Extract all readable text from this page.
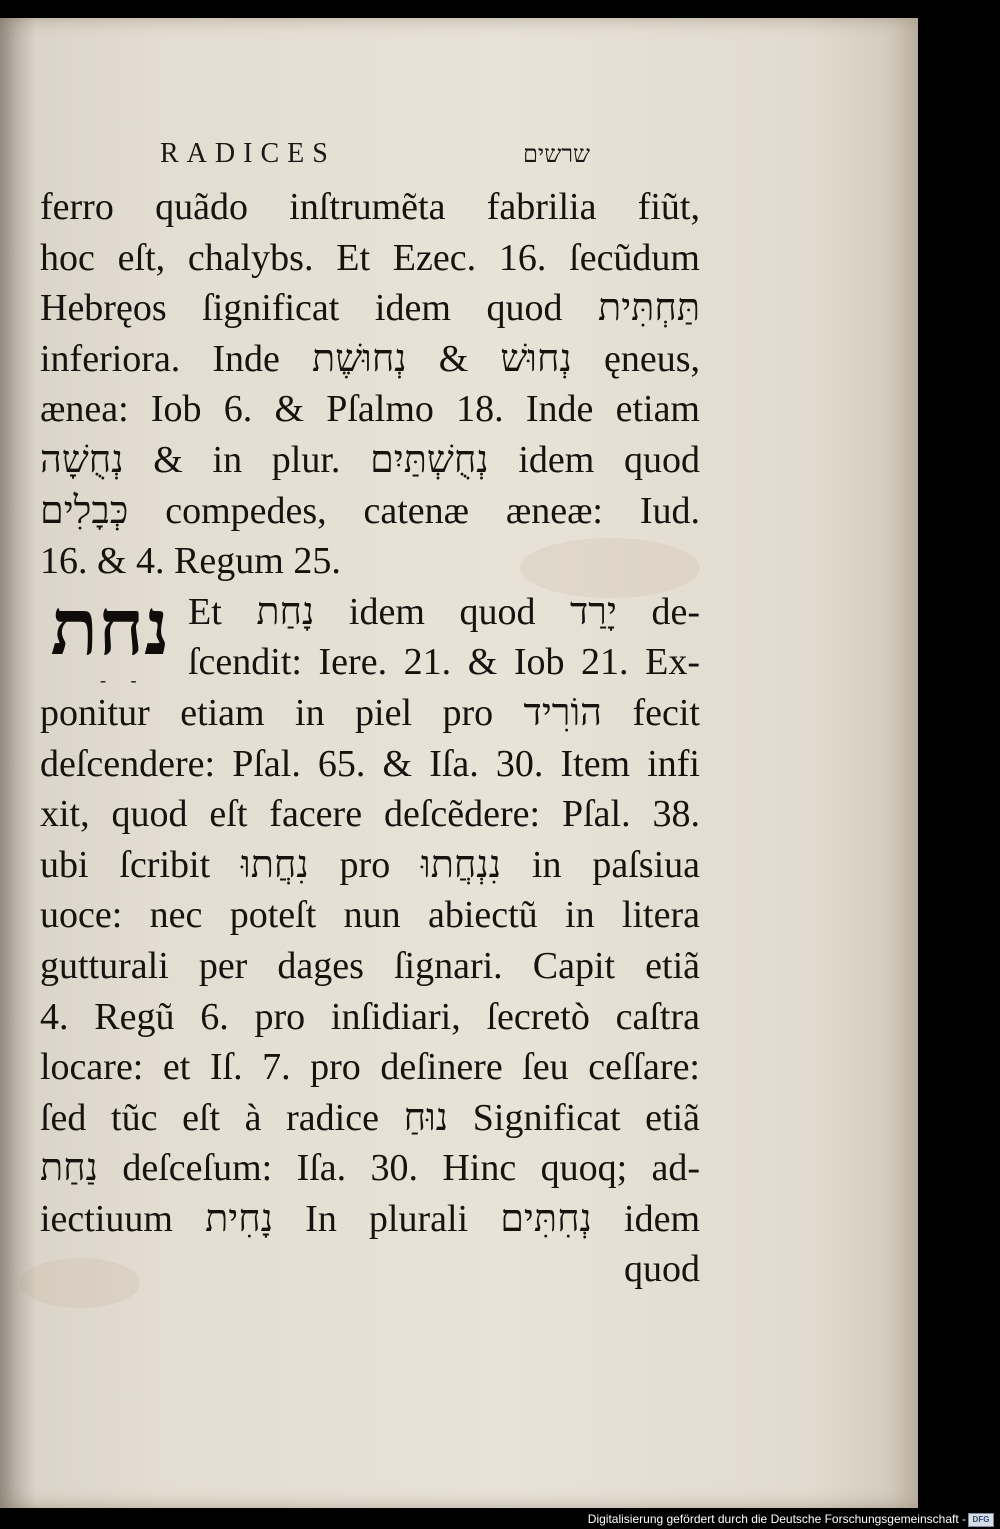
RADICES	שרשים
ferro quãdo inſtrumẽta fabrilia fiũt,
hoc eſt, chalybs. Et Ezec. 16. ſecũdum
Hebręos ſignificat idem quod תַּחְתִּית
inferiora. Inde נְחוּשׁ & נְחוּשֶׁת ęneus,
ænea: Iob 6. & Pſalmo 18. Inde etiam
נְחֻשָׁה & in plur. נְחֻשְׁתַּיִם idem quod
כְּבָלִים compedes, catenæ æneæ: Iud.
16. & 4. Regum 25.
נחת
- -
Et נָחַת idem quod יָרַד de-
ſcendit: Iere. 21. & Iob 21. Ex-
ponitur etiam in piel pro הוֹרִיד fecit
deſcendere: Pſal. 65. & Iſa. 30. Item infi
xit, quod eſt facere deſcẽdere: Pſal. 38.
ubi ſcribit נִחֲתוּ pro נִנְחֲתוּ in paſsiua
uoce: nec poteſt nun abiectũ in litera
gutturali per dages ſignari. Capit etiã
4. Regũ 6. pro inſidiari, ſecretò caſtra
locare: et Iſ. 7. pro deſinere ſeu ceſſare:
ſed tũc eſt à radice נוּחַ Significat etiã
נַחַת deſceſum: Iſa. 30. Hinc quoq; ad-
iectiuum נָחִית In plurali נְחִתִּים idem
quod
Digitalisierung gefördert durch die Deutsche Forschungsgemeinschaft - DFG
